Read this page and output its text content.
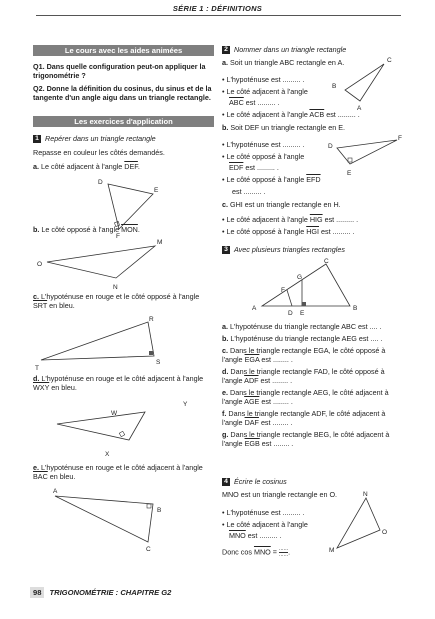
SÉRIE 1 : DÉFINITIONS
Le cours avec les aides animées

Q1. Dans quelle configuration peut-on appliquer la trigonométrie ?

Q2. Donne la définition du cosinus, du sinus et de la tangente d'un angle aigu dans un triangle rectangle.

Les exercices d'application
1 Repérer dans un triangle rectangle
Repasse en couleur les côtés demandés.
a. Le côté adjacent à l'angle $\overline{DEF}$.
D
E
F
b. Le côté opposé à l'angle $\overline{MON}$.
O
M
N

c. L'hypoténuse en rouge et le côté opposé à l'angle $\overline{SRT}$ en bleu.

R
S
T

d. L'hypoténuse en rouge et le côté adjacent à l'angle $\overline{WXY}$ en bleu.

X
Y
W

e. L'hypoténuse en rouge et le côté adjacent à l'angle $\overline{BAC}$ en bleu.

A
B
C
2 Nommer dans un triangle rectangle
a. Soit un triangle ABC rectangle en A.	C
B
A
• L'hypoténuse est ......... .
• Le côté adjacent à l'angle
$\overline{ABC}$ est ......... .
• Le côté adjacent à l'angle $\overline{ACB}$ est ......... .
b. Soit DEF un triangle rectangle en E.
D
F
E
• L'hypoténuse est ......... .
• Le côté opposé à l'angle
$\overline{EDF}$ est ......... .
• Le côté opposé à l'angle $\overline{EFD}$
est ......... .
c. GHI est un triangle rectangle en H.
• Le côté adjacent à l'angle $\overline{HIG}$ est ......... .
• Le côté opposé à l'angle $\overline{HGI}$ est ......... .
3 Avec plusieurs triangles rectangles
C
G
F
A
D E
B
a. L'hypoténuse du triangle rectangle ABC est .... .
b. L'hypoténuse du triangle rectangle AEG est .... .
c. Dans le triangle rectangle EGA, le côté opposé à l'angle $\overline{EGA}$ est ........ .
d. Dans le triangle rectangle FAD, le côté opposé à l'angle $\overline{ADF}$ est ........ .
e. Dans le triangle rectangle AEG, le côté adjacent à l'angle $\overline{AGE}$ est ........ .
f. Dans le triangle rectangle ADF, le côté adjacent à l'angle $\overline{DAF}$ est ........ .
g. Dans le triangle rectangle BEG, le côté adjacent à l'angle $\overline{EGB}$ est ........ .
4 Écrire le cosinus
MNO est un triangle rectangle en O.	N
O
M
• L'hypoténuse est ......... .
• Le côté adjacent à l'angle
$\overline{MNO}$ est ......... .
Donc $\cos \overline{MNO}$ = ......
...... .
98 TRIGONOMÉTRIE : CHAPITRE G2
